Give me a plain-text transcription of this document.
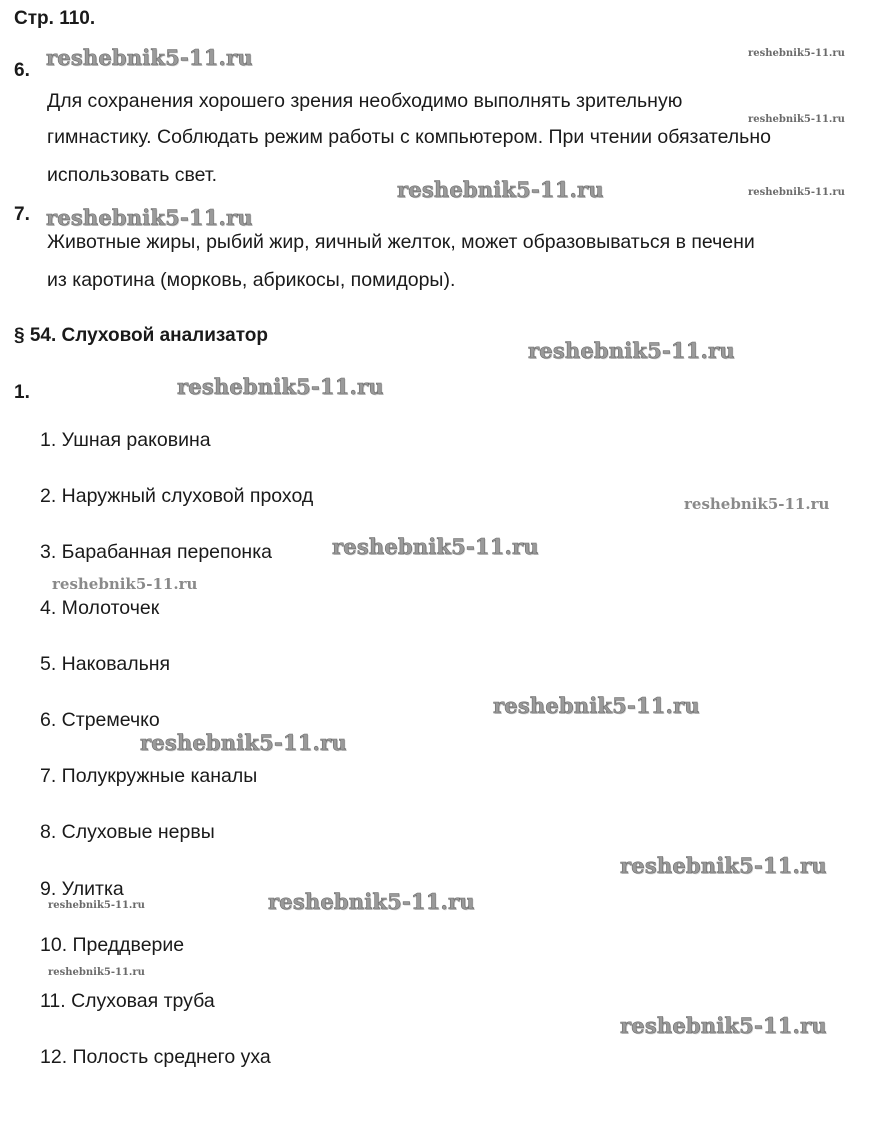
Стр. 110.
6.
Для сохранения хорошего зрения необходимо выполнять зрительную
гимнастику. Соблюдать режим работы с компьютером. При чтении обязательно
использовать свет.
7.
Животные жиры, рыбий жир, яичный желток, может образовываться в печени
из каротина (морковь, абрикосы, помидоры).
§ 54. Слуховой анализатор
1.
1. Ушная раковина
2. Наружный слуховой проход
3. Барабанная перепонка
4. Молоточек
5. Наковальня
6. Стремечко
7. Полукружные каналы
8. Слуховые нервы
9. Улитка
10. Преддверие
11. Слуховая труба
12. Полость среднего уха
reshebnik5-11.ru	reshebnik5-11.ru
reshebnik5-11.ru
reshebnik5-11.ru	reshebnik5-11.ru
reshebnik5-11.ru
reshebnik5-11.ru
reshebnik5-11.ru
reshebnik5-11.ru
reshebnik5-11.ru
reshebnik5-11.ru
reshebnik5-11.ru
reshebnik5-11.ru
reshebnik5-11.ru
reshebnik5-11.ru
reshebnik5-11.ru
reshebnik5-11.ru
reshebnik5-11.ru
